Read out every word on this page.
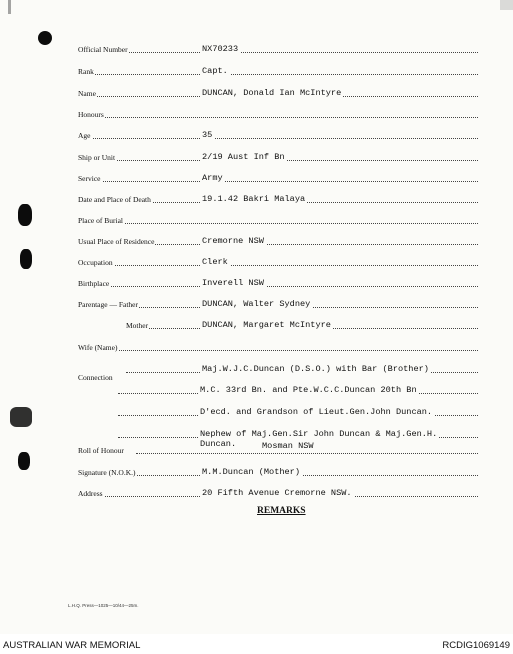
Official Number	NX70233
Rank	Capt.
Name	DUNCAN, Donald Ian McIntyre
Honours
Age	35
Ship or Unit	2/19 Aust Inf Bn
Service	Army
Date and Place of Death	19.1.42 Bakri Malaya
Place of Burial
Usual Place of Residence	Cremorne NSW
Occupation	Clerk
Birthplace	Inverell NSW
Parentage — Father	DUNCAN, Walter Sydney
Mother	DUNCAN, Margaret McIntyre
Wife (Name)
Connection
Maj.W.J.C.Duncan (D.S.O.) with Bar (Brother)
M.C. 33rd Bn. and Pte.W.C.C.Duncan 20th Bn
D'ecd. and Grandson of Lieut.Gen.John Duncan.
Nephew of Maj.Gen.Sir John Duncan & Maj.Gen.H.
Duncan.
Roll of Honour	Mosman NSW
Signature (N.O.K.)	M.M.Duncan (Mother)
Address	20 Fifth Avenue Cremorne NSW.
REMARKS
L.H.Q. Press—1025—10/44—25m.
AUSTRALIAN WAR MEMORIAL	RCDIG1069149
